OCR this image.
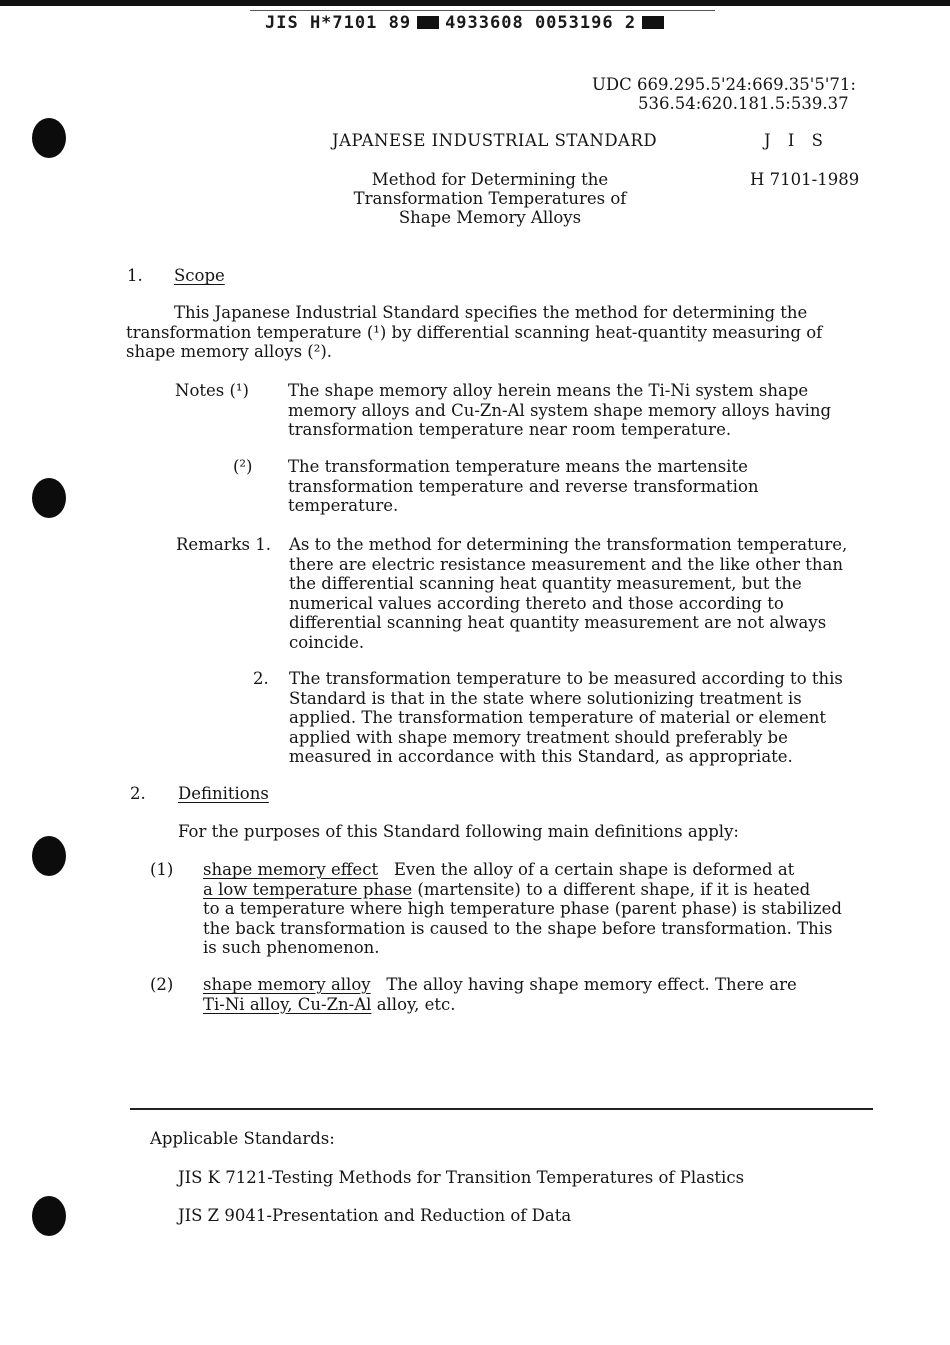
JIS H*7101 89 4933608 0053196 2
UDC 669.295.5'24:669.35'5'71:
536.54:620.181.5:539.37
JAPANESE INDUSTRIAL STANDARD	J I S
H 7101-1989
Method for Determining the
Transformation Temperatures of
Shape Memory Alloys
1. Scope
This Japanese Industrial Standard specifies the method for determining the
transformation temperature (¹) by differential scanning heat-quantity measuring of
shape memory alloys (²).
Notes (¹) The shape memory alloy herein means the Ti-Ni system shape
memory alloys and Cu-Zn-Al system shape memory alloys having
transformation temperature near room temperature.
(²) The transformation temperature means the martensite
transformation temperature and reverse transformation
temperature.
Remarks 1. As to the method for determining the transformation temperature,
there are electric resistance measurement and the like other than
the differential scanning heat quantity measurement, but the
numerical values according thereto and those according to
differential scanning heat quantity measurement are not always
coincide.
2. The transformation temperature to be measured according to this
Standard is that in the state where solutionizing treatment is
applied. The transformation temperature of material or element
applied with shape memory treatment should preferably be
measured in accordance with this Standard, as appropriate.
2. Definitions
For the purposes of this Standard following main definitions apply:
(1) shape memory effect Even the alloy of a certain shape is deformed at
a low temperature phase (martensite) to a different shape, if it is heated
to a temperature where high temperature phase (parent phase) is stabilized
the back transformation is caused to the shape before transformation. This
is such phenomenon.
(2) shape memory alloy The alloy having shape memory effect. There are
Ti-Ni alloy, Cu-Zn-Al alloy, etc.
Applicable Standards:
JIS K 7121-Testing Methods for Transition Temperatures of Plastics
JIS Z 9041-Presentation and Reduction of Data
